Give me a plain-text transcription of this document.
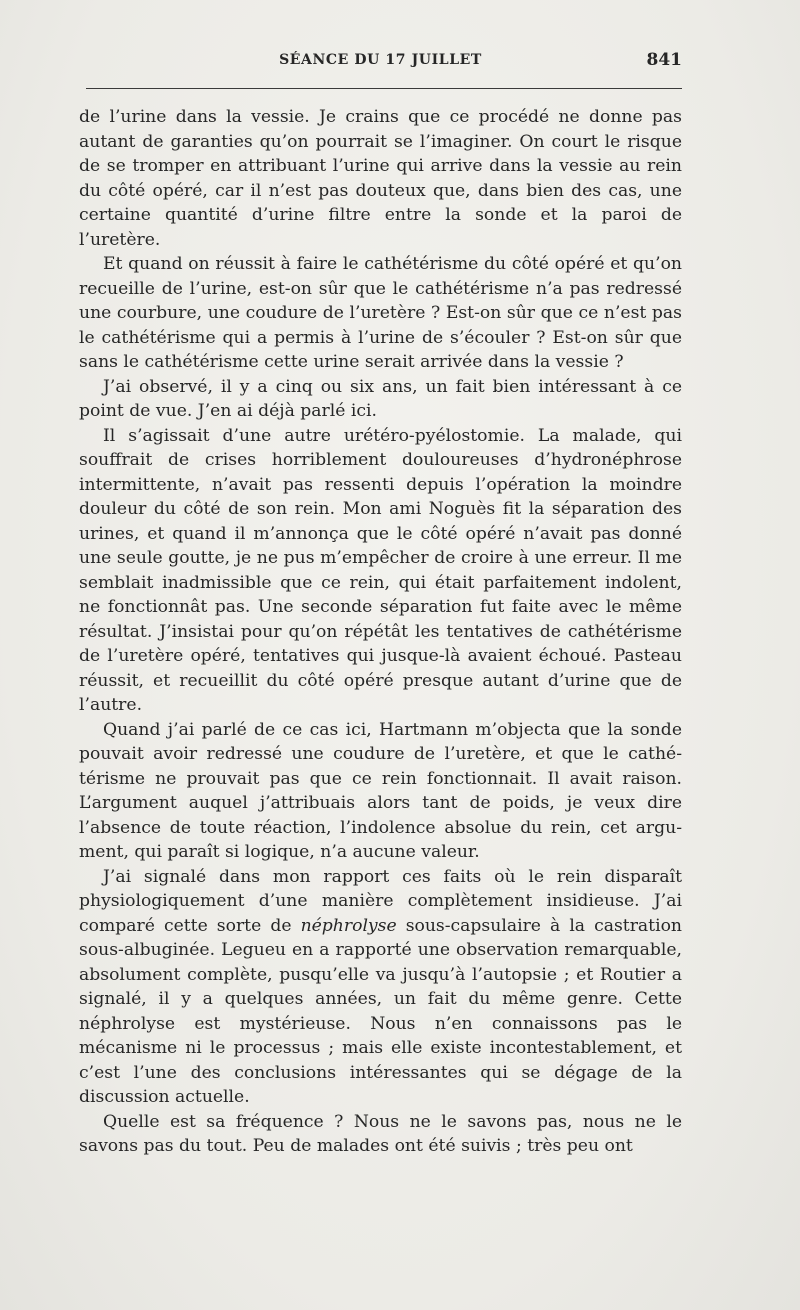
SÉANCE DU 17 JUILLET	841

de l’urine dans la vessie. Je crains que ce procédé ne donne pas autant de garanties qu’on pourrait se l’imaginer. On court le risque de se tromper en attribuant l’urine qui arrive dans la vessie au rein du côté opéré, car il n’est pas douteux que, dans bien des cas, une certaine quantité d’urine filtre entre la sonde et la paroi de l’uretère.

Et quand on réussit à faire le cathétérisme du côté opéré et qu’on recueille de l’urine, est-on sûr que le cathétérisme n’a pas redressé une courbure, une coudure de l’uretère ? Est-on sûr que ce n’est pas le cathétérisme qui a permis à l’urine de s’écouler ? Est-on sûr que sans le cathétérisme cette urine serait arrivée dans la vessie ?

J’ai observé, il y a cinq ou six ans, un fait bien intéressant à ce point de vue. J’en ai déjà parlé ici.

Il s’agissait d’une autre urétéro-pyélostomie. La malade, qui souffrait de crises horriblement douloureuses d’hydronéphrose intermittente, n’avait pas ressenti depuis l’opération la moindre douleur du côté de son rein. Mon ami Noguès fit la séparation des urines, et quand il m’annonça que le côté opéré n’avait pas donné une seule goutte, je ne pus m’empêcher de croire à une erreur. Il me semblait inadmissible que ce rein, qui était parfaitement indolent, ne fonctionnât pas. Une seconde séparation fut faite avec le même résultat. J’insistai pour qu’on répétât les tentatives de cathétérisme de l’uretère opéré, tentatives qui jusque-là avaient échoué. Pasteau réussit, et recueillit du côté opéré presque autant d’urine que de l’autre.

Quand j’ai parlé de ce cas ici, Hartmann m’objecta que la sonde pouvait avoir redressé une coudure de l’uretère, et que le cathétérisme ne prouvait pas que ce rein fonctionnait. Il avait raison. L’argument auquel j’attribuais alors tant de poids, je veux dire l’absence de toute réaction, l’indolence absolue du rein, cet argument, qui paraît si logique, n’a aucune valeur.

J’ai signalé dans mon rapport ces faits où le rein disparaît physiologiquement d’une manière complètement insidieuse. J’ai comparé cette sorte de néphrolyse sous-capsulaire à la castration sous-albuginée. Legueu en a rapporté une observation remarquable, absolument complète, pusqu’elle va jusqu’à l’autopsie ; et Routier a signalé, il y a quelques années, un fait du même genre. Cette néphrolyse est mystérieuse. Nous n’en connaissons pas le mécanisme ni le processus ; mais elle existe incontestablement, et c’est l’une des conclusions intéressantes qui se dégage de la discussion actuelle.

Quelle est sa fréquence ? Nous ne le savons pas, nous ne le savons pas du tout. Peu de malades ont été suivis ; très peu ont
